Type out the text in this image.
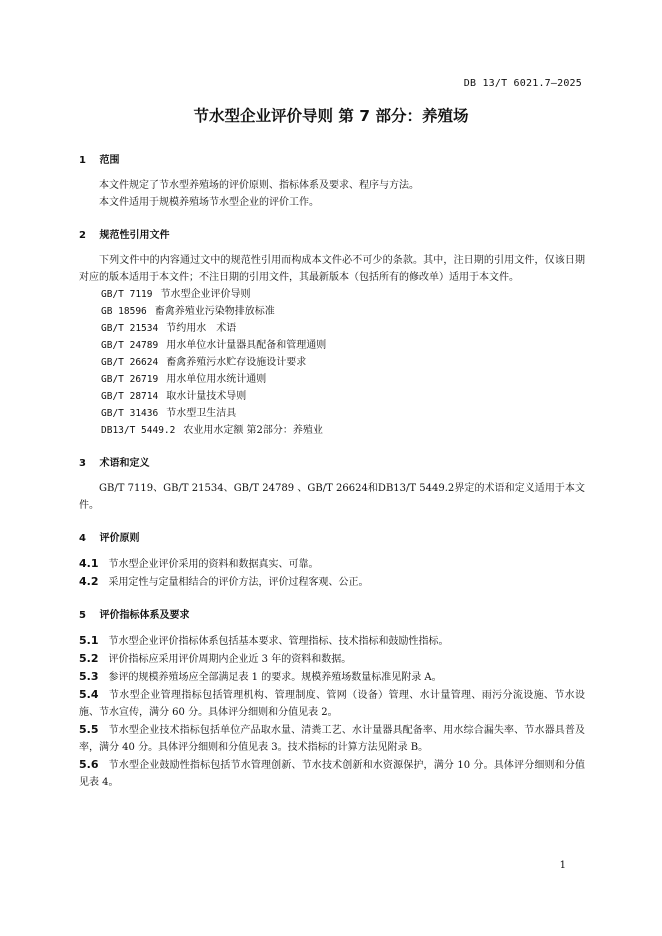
DB 13/T 6021.7—2025
节水型企业评价导则 第 7 部分：养殖场
1 范围

本文件规定了节水型养殖场的评价原则、指标体系及要求、程序与方法。

本文件适用于规模养殖场节水型企业的评价工作。

2 规范性引用文件

下列文件中的内容通过文中的规范性引用而构成本文件必不可少的条款。其中，注日期的引用文件，仅该日期对应的版本适用于本文件；不注日期的引用文件，其最新版本（包括所有的修改单）适用于本文件。

GB/T 7119 节水型企业评价导则

GB 18596 畜禽养殖业污染物排放标准

GB/T 21534 节约用水　术语

GB/T 24789 用水单位水计量器具配备和管理通则

GB/T 26624 畜禽养殖污水贮存设施设计要求

GB/T 26719 用水单位用水统计通则

GB/T 28714 取水计量技术导则

GB/T 31436 节水型卫生洁具

DB13/T 5449.2 农业用水定额 第2部分：养殖业

3 术语和定义

GB/T 7119、GB/T 21534、GB/T 24789 、GB/T 26624和DB13/T 5449.2界定的术语和定义适用于本文件。

4 评价原则

4.1 节水型企业评价采用的资料和数据真实、可靠。

4.2 采用定性与定量相结合的评价方法，评价过程客观、公正。

5 评价指标体系及要求

5.1 节水型企业评价指标体系包括基本要求、管理指标、技术指标和鼓励性指标。

5.2 评价指标应采用评价周期内企业近 3 年的资料和数据。

5.3 参评的规模养殖场应全部满足表 1 的要求。规模养殖场数量标准见附录 A。

5.4 节水型企业管理指标包括管理机构、管理制度、管网（设备）管理、水计量管理、雨污分流设施、节水设施、节水宣传，满分 60 分。具体评分细则和分值见表 2。

5.5 节水型企业技术指标包括单位产品取水量、清粪工艺、水计量器具配备率、用水综合漏失率、节水器具普及率，满分 40 分。具体评分细则和分值见表 3。技术指标的计算方法见附录 B。

5.6 节水型企业鼓励性指标包括节水管理创新、节水技术创新和水资源保护，满分 10 分。具体评分细则和分值见表 4。

1
